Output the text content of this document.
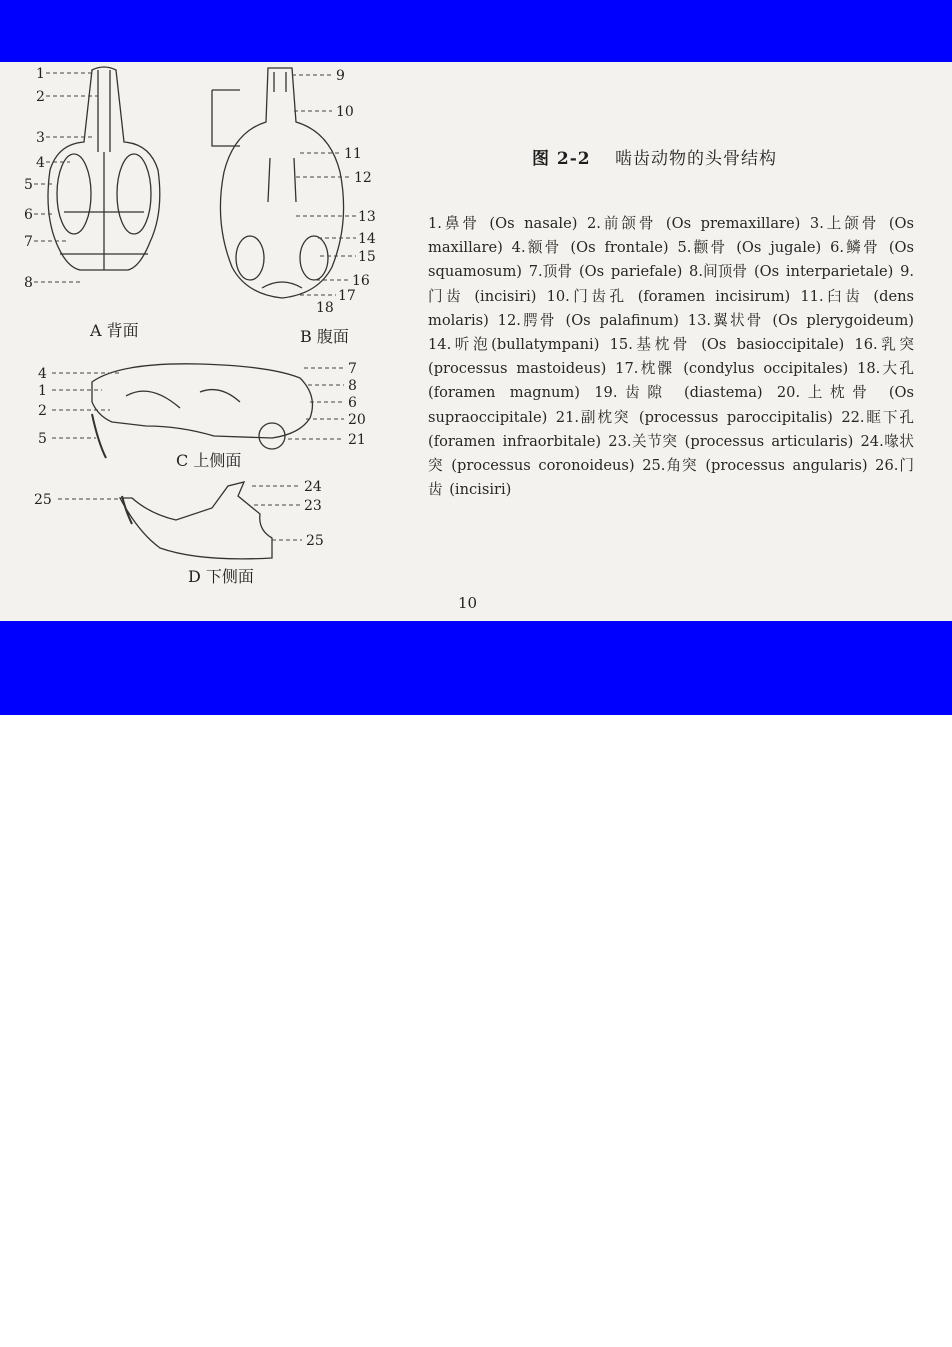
1
2
3
4
5
6
7
8
A 背面
9
10
11
12
13
14
15
16
17
18
B 腹面
4
1
2
5
7
8
6
20
21
C 上侧面
25
24
23
25
D 下侧面
图 2-2 啮齿动物的头骨结构
1.鼻骨 (Os nasale) 2.前颌骨 (Os premaxillare) 3.上颌骨 (Os maxillare) 4.额骨 (Os frontale) 5.颧骨 (Os jugale) 6.鳞骨 (Os squamosum) 7.顶骨 (Os pariefale) 8.间顶骨 (Os interparietale) 9.门齿 (incisiri) 10.门齿孔 (foramen incisirum) 11.臼齿 (dens molaris) 12.腭骨 (Os palafinum) 13.翼状骨 (Os plerygoideum) 14.听泡(bullatympani) 15.基枕骨 (Os basioccipitale) 16.乳突 (processus mastoideus) 17.枕髁 (condylus occipitales) 18.大孔 (foramen magnum) 19.齿隙 (diastema) 20.上枕骨 (Os supraoccipitale) 21.副枕突 (processus paroccipitalis) 22.眶下孔(foramen infraorbitale) 23.关节突 (processus articularis) 24.喙状突 (processus coronoideus) 25.角突 (processus angularis) 26.门齿 (incisiri)
10
